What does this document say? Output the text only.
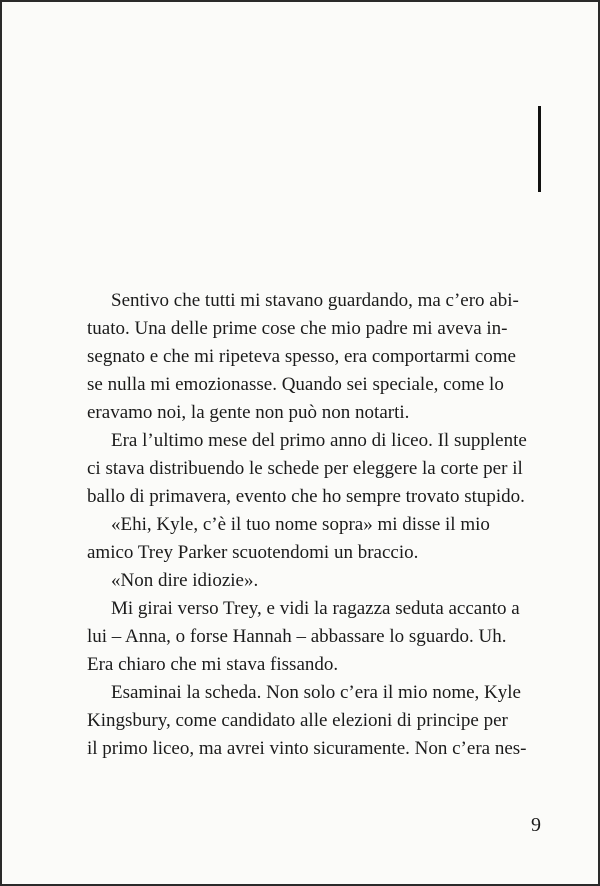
Sentivo che tutti mi stavano guardando, ma c’ero abi-
tuato. Una delle prime cose che mio padre mi aveva in-
segnato e che mi ripeteva spesso, era comportarmi come
se nulla mi emozionasse. Quando sei speciale, come lo
eravamo noi, la gente non può non notarti.

Era l’ultimo mese del primo anno di liceo. Il supplente
ci stava distribuendo le schede per eleggere la corte per il
ballo di primavera, evento che ho sempre trovato stupido.

«Ehi, Kyle, c’è il tuo nome sopra» mi disse il mio
amico Trey Parker scuotendomi un braccio.

«Non dire idiozie».

Mi girai verso Trey, e vidi la ragazza seduta accanto a
lui – Anna, o forse Hannah – abbassare lo sguardo. Uh.
Era chiaro che mi stava fissando.

Esaminai la scheda. Non solo c’era il mio nome, Kyle
Kingsbury, come candidato alle elezioni di principe per
il primo liceo, ma avrei vinto sicuramente. Non c’era nes-

9
